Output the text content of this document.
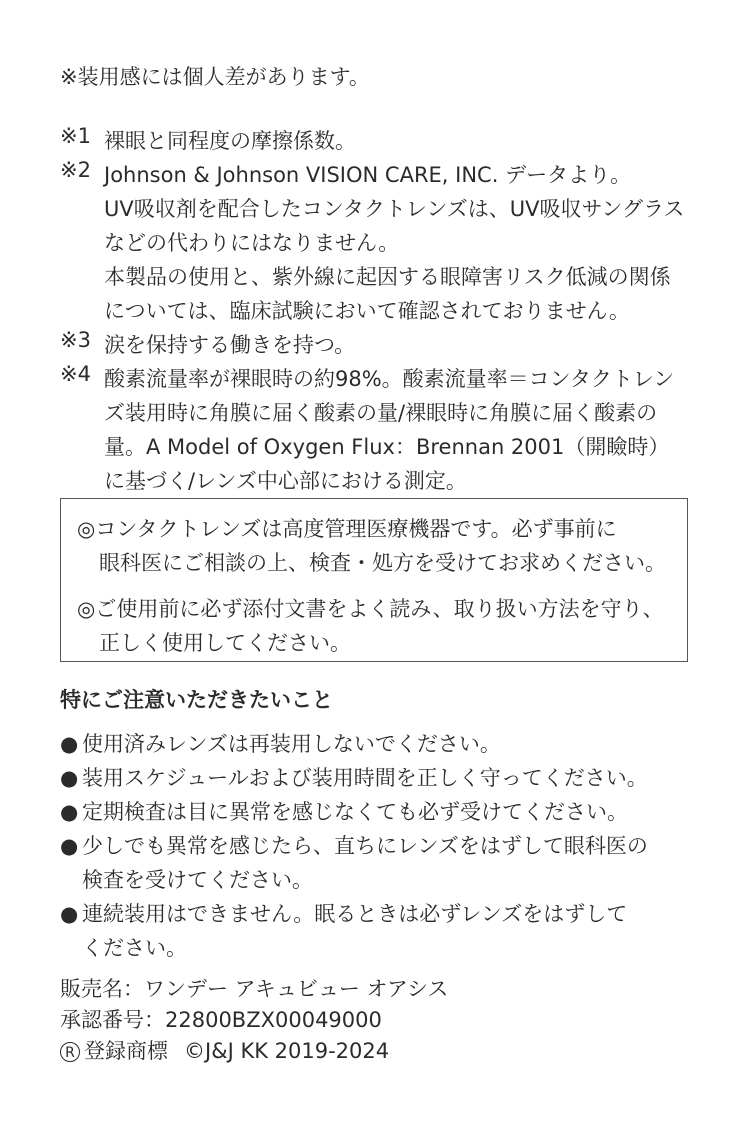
※装用感には個人差があります。
※1 裸眼と同程度の摩擦係数。
※2 Johnson & Johnson VISION CARE, INC. データより。
UV吸収剤を配合したコンタクトレンズは、UV吸収サングラス
などの代わりにはなりません。
本製品の使用と、紫外線に起因する眼障害リスク低減の関係
については、臨床試験において確認されておりません。
※3 涙を保持する働きを持つ。
※4 酸素流量率が裸眼時の約98%。酸素流量率＝コンタクトレン
ズ装用時に角膜に届く酸素の量/裸眼時に角膜に届く酸素の
量。A Model of Oxygen Flux：Brennan 2001（開瞼時）
に基づく/レンズ中心部における測定。
◎コンタクトレンズは高度管理医療機器です。必ず事前に
眼科医にご相談の上、検査・処方を受けてお求めください。
◎ご使用前に必ず添付文書をよく読み、取り扱い方法を守り、
正しく使用してください。
特にご注意いただきたいこと
● 使用済みレンズは再装用しないでください。
● 装用スケジュールおよび装用時間を正しく守ってください。
● 定期検査は目に異常を感じなくても必ず受けてください。
● 少しでも異常を感じたら、直ちにレンズをはずして眼科医の
検査を受けてください。
● 連続装用はできません。眠るときは必ずレンズをはずして
ください。
販売名：ワンデー アキュビュー オアシス
承認番号：22800BZX00049000
R 登録商標 ©J&J KK 2019-2024
